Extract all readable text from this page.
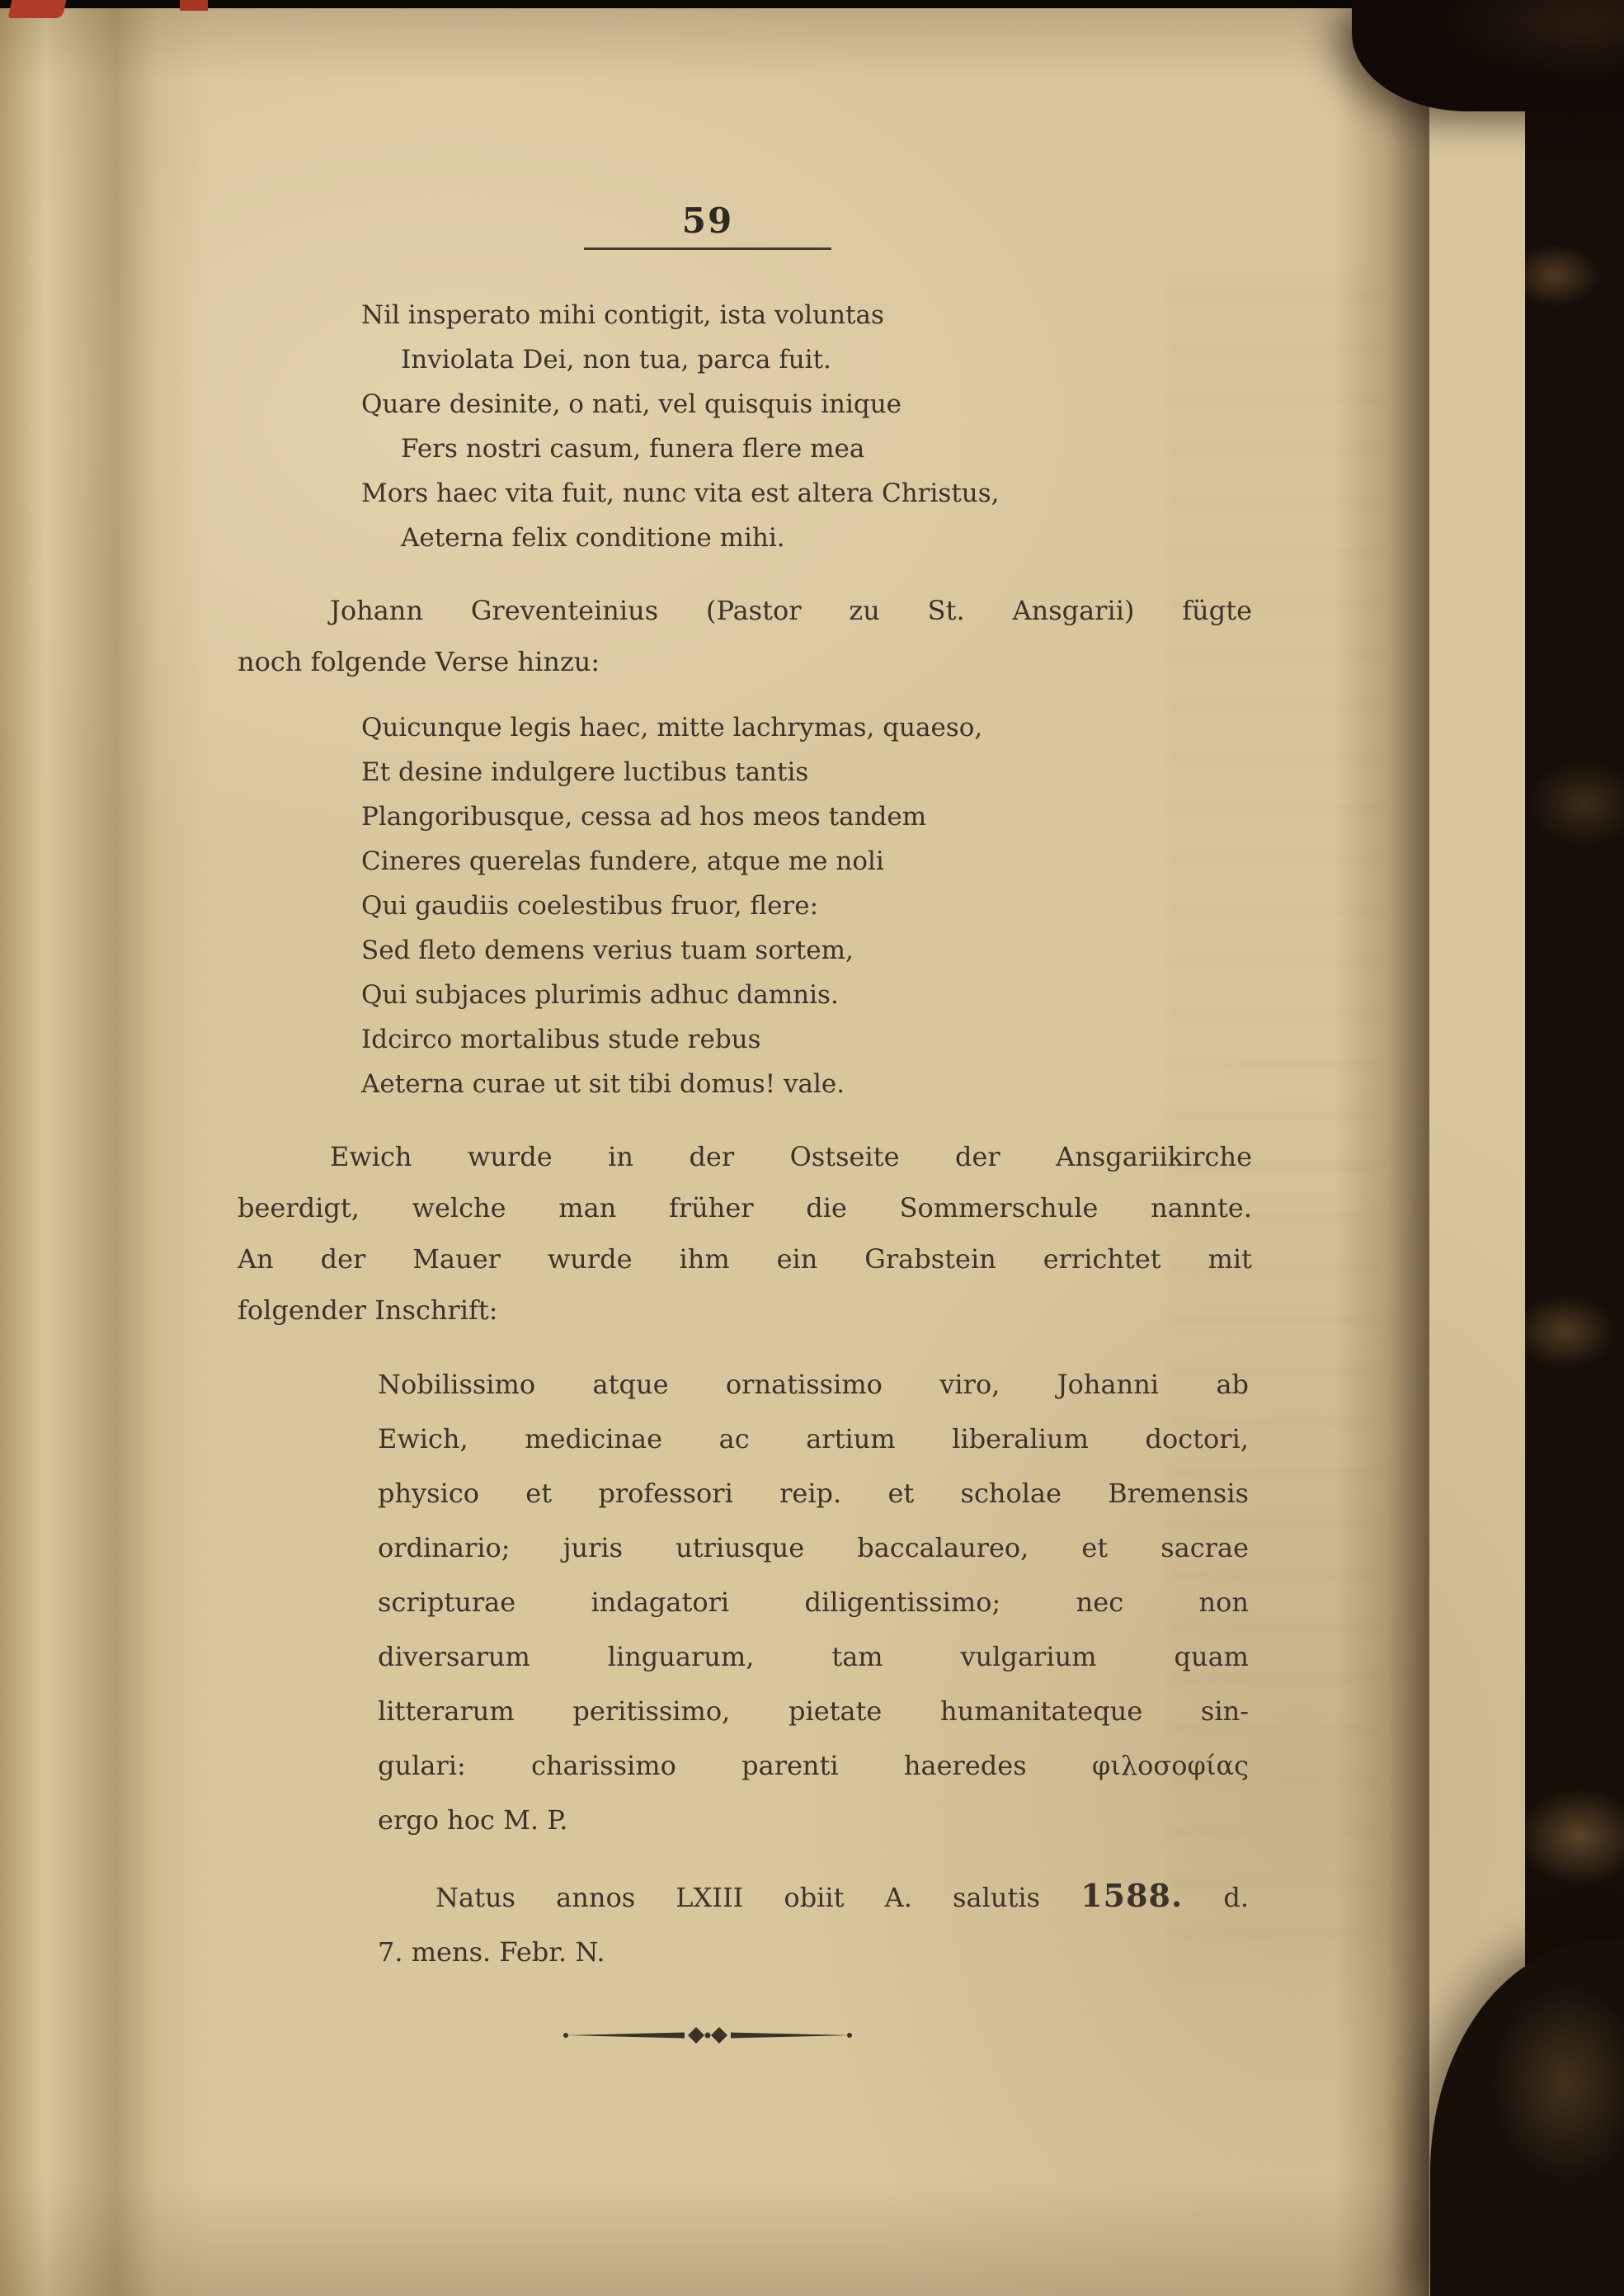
59
Nil insperato mihi contigit, ista voluntas
Inviolata Dei, non tua, parca fuit.
Quare desinite, o nati, vel quisquis inique
Fers nostri casum, funera flere mea
Mors haec vita fuit, nunc vita est altera Christus,
Aeterna felix conditione mihi.
Johann Greventeinius (Pastor zu St. Ansgarii) fügte
noch folgende Verse hinzu:
Quicunque legis haec, mitte lachrymas, quaeso,
Et desine indulgere luctibus tantis
Plangoribusque, cessa ad hos meos tandem
Cineres querelas fundere, atque me noli
Qui gaudiis coelestibus fruor, flere:
Sed fleto demens verius tuam sortem,
Qui subjaces plurimis adhuc damnis.
Idcirco mortalibus stude rebus
Aeterna curae ut sit tibi domus! vale.
Ewich wurde in der Ostseite der Ansgariikirche
beerdigt, welche man früher die Sommerschule nannte.
An der Mauer wurde ihm ein Grabstein errichtet mit
folgender Inschrift:
Nobilissimo atque ornatissimo viro, Johanni ab
Ewich, medicinae ac artium liberalium doctori,
physico et professori reip. et scholae Bremensis
ordinario; juris utriusque baccalaureo, et sacrae
scripturae indagatori diligentissimo; nec non
diversarum linguarum, tam vulgarium quam
litterarum peritissimo, pietate humanitateque sin-
gulari: charissimo parenti haeredes φιλοσοφίας
ergo hoc M. P.
Natus annos LXIII obiit A. salutis 1588. d.
7. mens. Febr. N.
